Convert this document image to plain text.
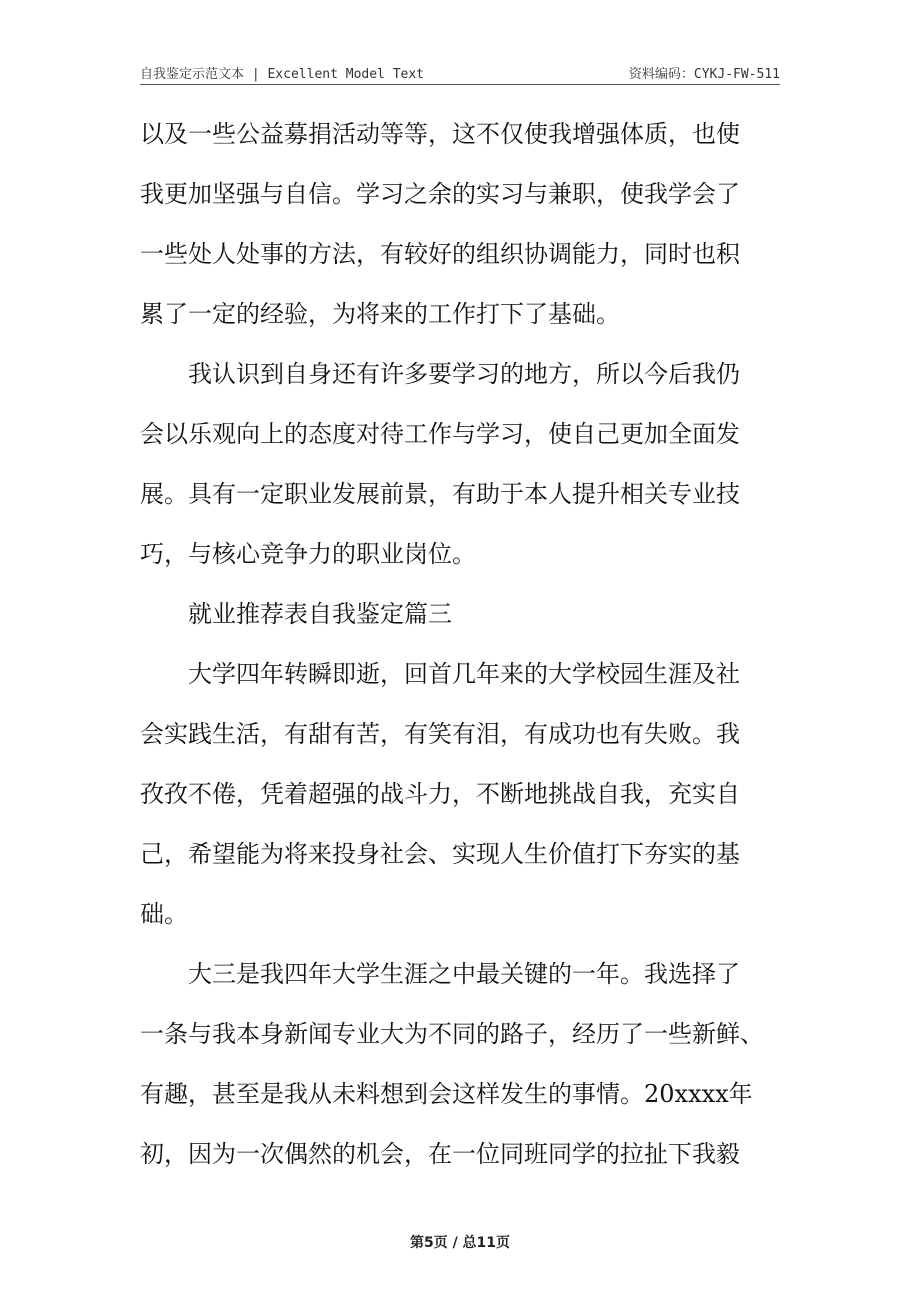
自我鉴定示范文本 | Excellent Model Text	资料编码：CYKJ-FW-511
以及一些公益募捐活动等等，这不仅使我增强体质，也使
我更加坚强与自信。学习之余的实习与兼职，使我学会了
一些处人处事的方法，有较好的组织协调能力，同时也积
累了一定的经验，为将来的工作打下了基础。
我认识到自身还有许多要学习的地方，所以今后我仍
会以乐观向上的态度对待工作与学习，使自己更加全面发
展。具有一定职业发展前景，有助于本人提升相关专业技
巧，与核心竞争力的职业岗位。
就业推荐表自我鉴定篇三
大学四年转瞬即逝，回首几年来的大学校园生涯及社
会实践生活，有甜有苦，有笑有泪，有成功也有失败。我
孜孜不倦，凭着超强的战斗力，不断地挑战自我，充实自
己，希望能为将来投身社会、实现人生价值打下夯实的基
础。
大三是我四年大学生涯之中最关键的一年。我选择了
一条与我本身新闻专业大为不同的路子，经历了一些新鲜、
有趣，甚至是我从未料想到会这样发生的事情。20xxxx年
初，因为一次偶然的机会，在一位同班同学的拉扯下我毅
第5页 / 总11页
